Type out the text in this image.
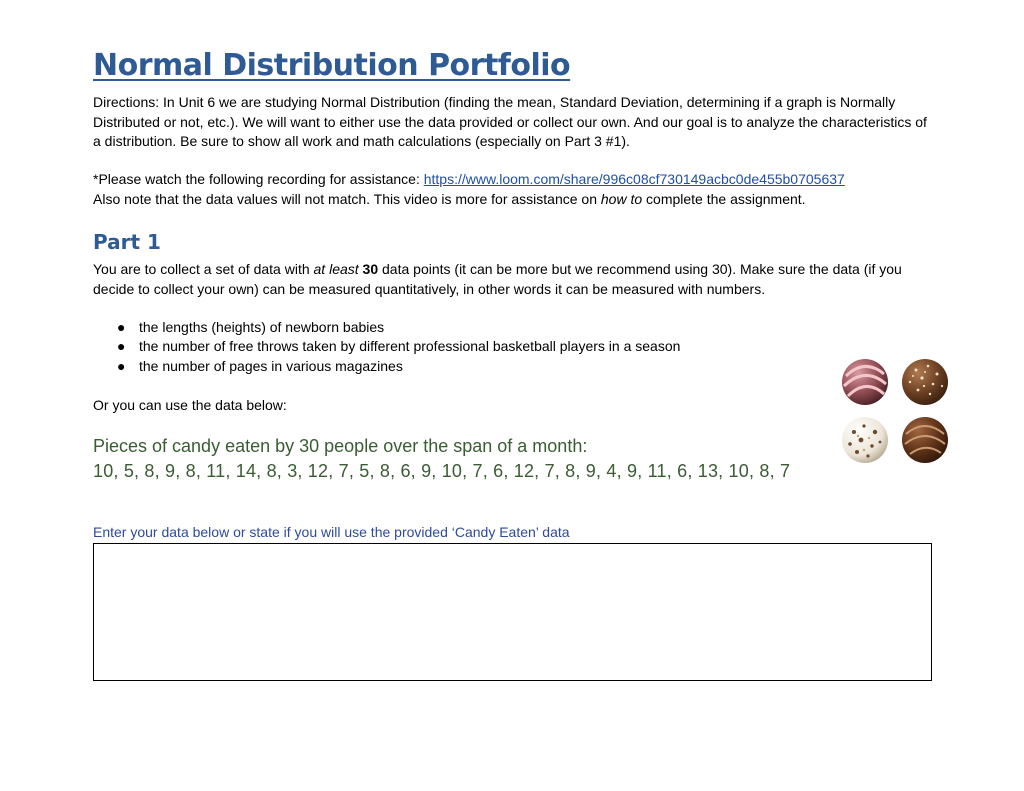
Normal Distribution Portfolio
Directions: In Unit 6 we are studying Normal Distribution (finding the mean, Standard Deviation, determining if a graph is Normally Distributed or not, etc.). We will want to either use the data provided or collect our own. And our goal is to analyze the characteristics of a distribution. Be sure to show all work and math calculations (especially on Part 3 #1).
*Please watch the following recording for assistance: https://www.loom.com/share/996c08cf730149acbc0de455b0705637
Also note that the data values will not match. This video is more for assistance on how to complete the assignment.
Part 1
You are to collect a set of data with at least 30 data points (it can be more but we recommend using 30). Make sure the data (if you decide to collect your own) can be measured quantitatively, in other words it can be measured with numbers.
● the lengths (heights) of newborn babies
● the number of free throws taken by different professional basketball players in a season
● the number of pages in various magazines
Or you can use the data below:
Pieces of candy eaten by 30 people over the span of a month:
10, 5, 8, 9, 8, 11, 14, 8, 3, 12, 7, 5, 8, 6, 9, 10, 7, 6, 12, 7, 8, 9, 4, 9, 11, 6, 13, 10, 8, 7
Enter your data below or state if you will use the provided ‘Candy Eaten’ data
